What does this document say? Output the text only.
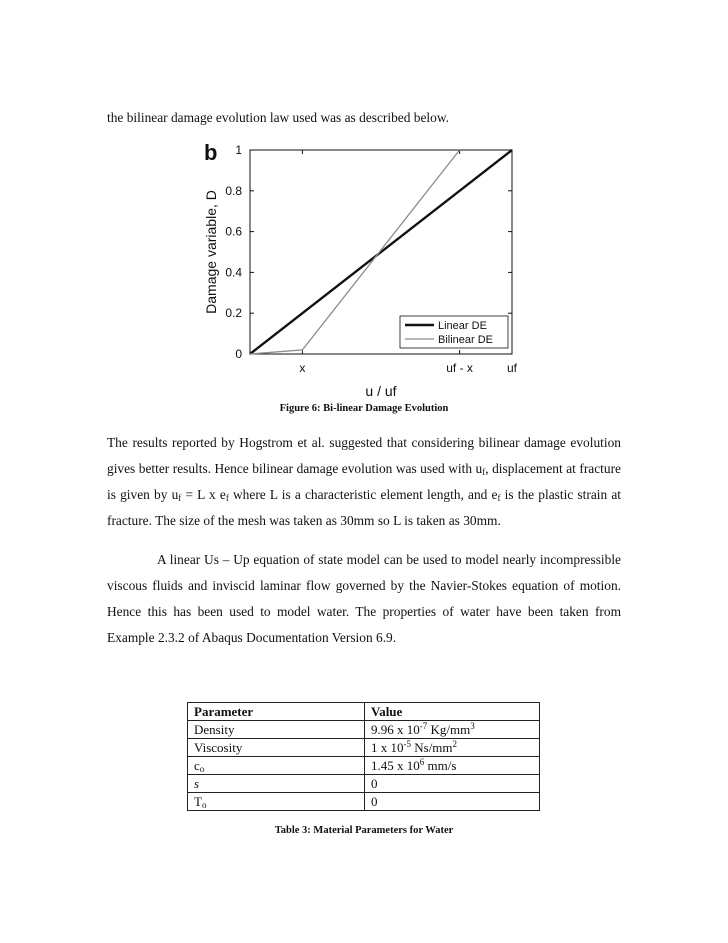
the bilinear damage evolution law used was as described below.
0
0.2
0.4
0.6
0.8
1
x	uf - x	uf
u / uf
Damage variable, D
b
Linear DE
Bilinear DE
Figure 6: Bi-linear Damage Evolution
The results reported by Hogstrom et al. suggested that considering bilinear damage evolution gives better results. Hence bilinear damage evolution was used with $u_f$, displacement at fracture is given by $u_f = L$ x $e_f$ where L is a characteristic element length, and $e_f$ is the plastic strain at fracture. The size of the mesh was taken as 30mm so L is taken as 30mm.
A linear Us – Up equation of state model can be used to model nearly incompressible viscous fluids and inviscid laminar flow governed by the Navier-Stokes equation of motion. Hence this has been used to model water. The properties of water have been taken from Example 2.3.2 of Abaqus Documentation Version 6.9.
Parameter	Value
Density	9.96 x $10^{-7}$ $Kg/mm^3$
Viscosity	1 x $10^{-5}$ $Ns/mm^2$
$c_o$	1.45 x $10^6$ mm/s
s	0
$T_o$	0
Table 3: Material Parameters for Water
